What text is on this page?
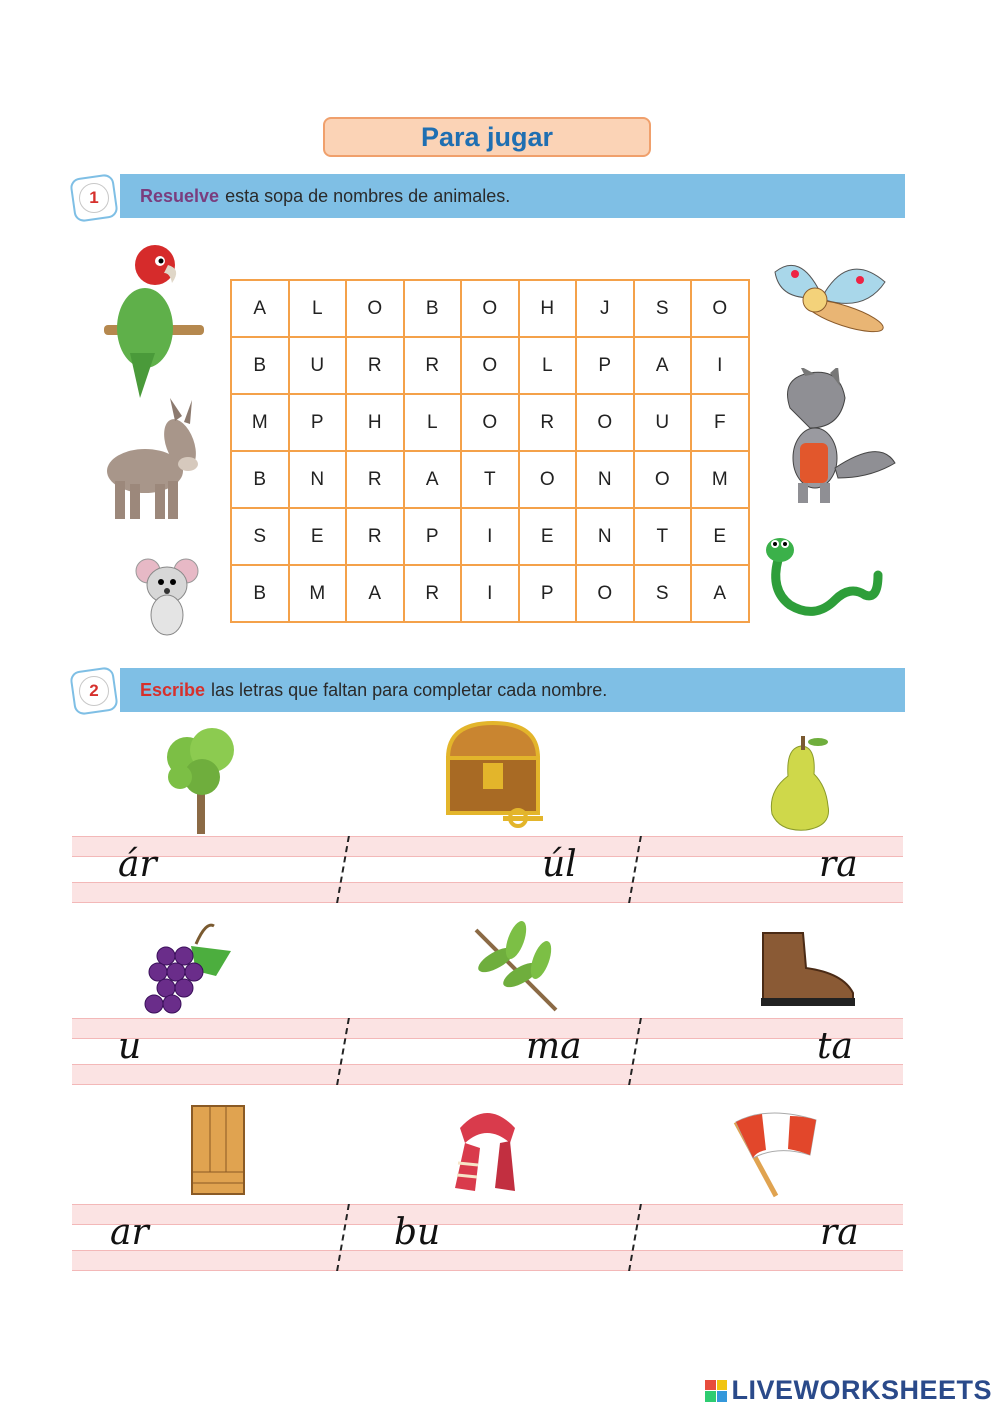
Para jugar
1	Resuelve esta sopa de nombres de animales.
A	L	O	B	O	H	J	S	O
B	U	R	R	O	L	P	A	I
M	P	H	L	O	R	O	U	F
B	N	R	A	T	O	N	O	M
S	E	R	P	I	E	N	T	E
B	M	A	R	I	P	O	S	A
2	Escribe las letras que faltan para completar cada nombre.
ár	úl	ra
u	ma	ta
ar	bu	ra
LIVEWORKSHEETS
